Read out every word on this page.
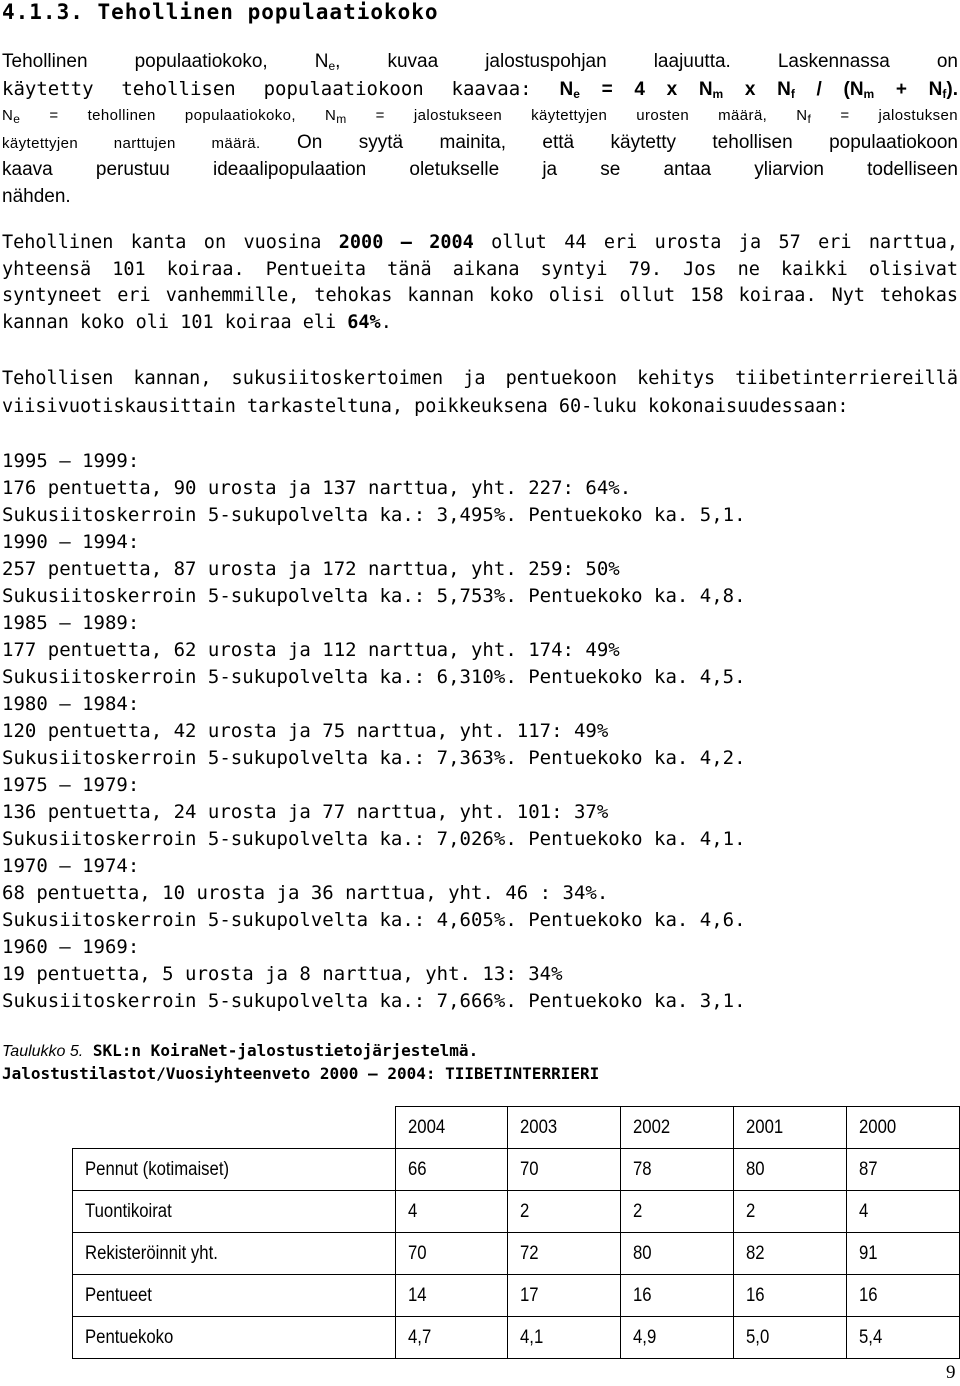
4.1.3. Tehollinen populaatiokoko
Tehollinen populaatiokoko, $N_e$, kuvaa jalostuspohjan laajuutta. Laskennassa on
käytetty tehollisen populaatiokoon kaavaa: $N_e = 4$ x $N_m$ x $N_f / (N_m + N_f)$.
$N_e$ = tehollinen populaatiokoko, $N_m$ = jalostukseen käytettyjen urosten määrä, $N_f$ = jalostuksen
käytettyjen narttujen määrä. On syytä mainita, että käytetty tehollisen populaatiokoon
kaava perustuu ideaalipopulaation oletukselle ja se antaa yliarvion todelliseen
nähden.
Tehollinen kanta on vuosina 2000 — 2004 ollut 44 eri urosta ja 57 eri narttua,
yhteensä 101 koiraa. Pentueita tänä aikana syntyi 79. Jos ne kaikki olisivat
syntyneet eri vanhemmille, tehokas kannan koko olisi ollut 158 koiraa. Nyt tehokas
kannan koko oli 101 koiraa eli 64%.
Tehollisen kannan, sukusiitoskertoimen ja pentuekoon kehitys tiibetinterriereillä
viisivuotiskausittain tarkasteltuna, poikkeuksena 60-luku kokonaisuudessaan:
1995 — 1999:
176 pentuetta, 90 urosta ja 137 narttua, yht. 227: 64%.
Sukusiitoskerroin 5-sukupolvelta ka.: 3,495%. Pentuekoko ka. 5,1.
1990 — 1994:
257 pentuetta, 87 urosta ja 172 narttua, yht. 259: 50%
Sukusiitoskerroin 5-sukupolvelta ka.: 5,753%. Pentuekoko ka. 4,8.
1985 — 1989:
177 pentuetta, 62 urosta ja 112 narttua, yht. 174: 49%
Sukusiitoskerroin 5-sukupolvelta ka.: 6,310%. Pentuekoko ka. 4,5.
1980 — 1984:
120 pentuetta, 42 urosta ja 75 narttua, yht. 117: 49%
Sukusiitoskerroin 5-sukupolvelta ka.: 7,363%. Pentuekoko ka. 4,2.
1975 — 1979:
136 pentuetta, 24 urosta ja 77 narttua, yht. 101: 37%
Sukusiitoskerroin 5-sukupolvelta ka.: 7,026%. Pentuekoko ka. 4,1.
1970 — 1974:
68 pentuetta, 10 urosta ja 36 narttua, yht. 46 : 34%.
Sukusiitoskerroin 5-sukupolvelta ka.: 4,605%. Pentuekoko ka. 4,6.
1960 — 1969:
19 pentuetta, 5 urosta ja 8 narttua, yht. 13: 34%
Sukusiitoskerroin 5-sukupolvelta ka.: 7,666%. Pentuekoko ka. 3,1.
Taulukko 5. SKL:n KoiraNet-jalostustietojärjestelmä.
Jalostustilastot/Vuosiyhteenveto 2000 — 2004: TIIBETINTERRIERI
	2004	2003	2002	2001	2000
Pennut (kotimaiset)	66	70	78	80	87
Tuontikoirat	4	2	2	2	4
Rekisteröinnit yht.	70	72	80	82	91
Pentueet	14	17	16	16	16
Pentuekoko	4,7	4,1	4,9	5,0	5,4
9
